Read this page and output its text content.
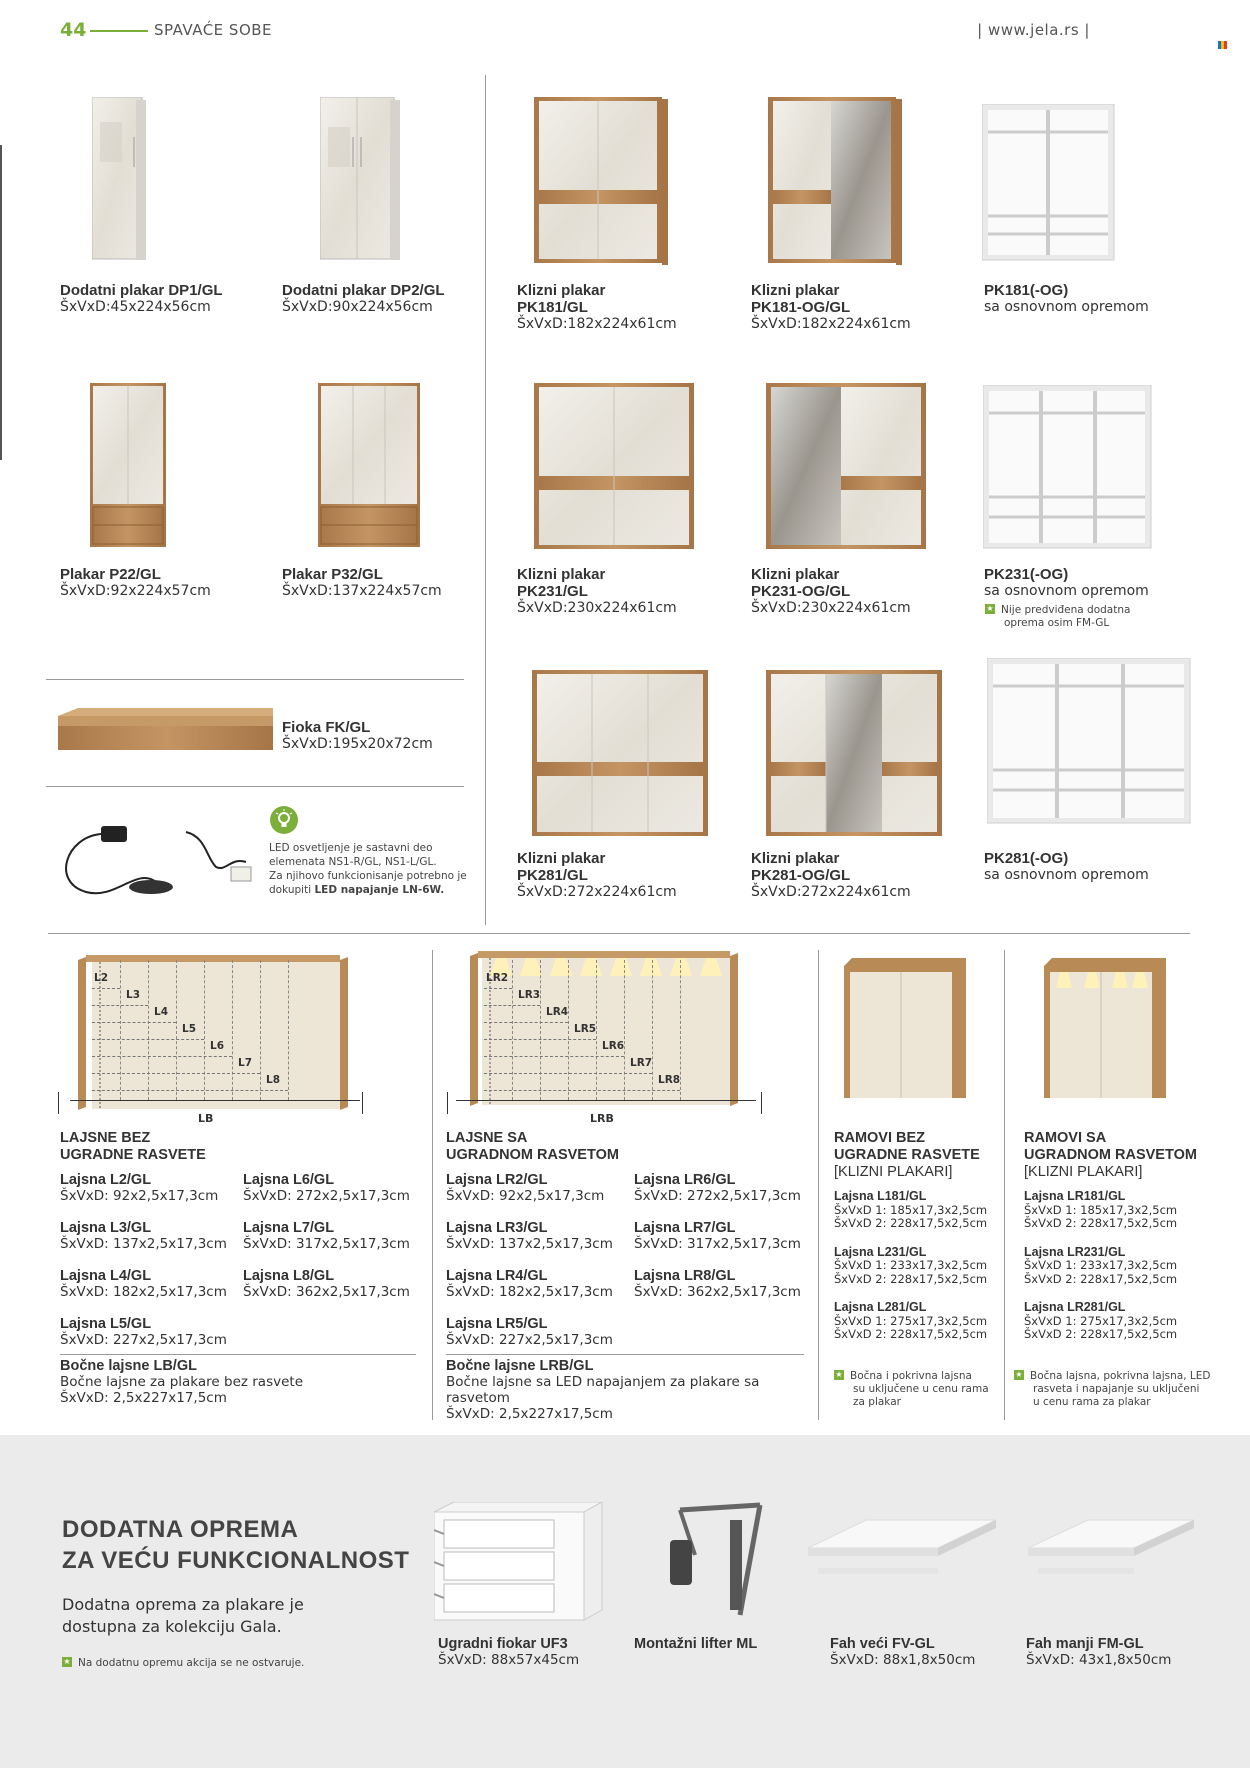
44	SPAVAĆE SOBE	| www.jela.rs |
Dodatni plakar DP1/GL
ŠxVxD:45x224x56cm
Dodatni plakar DP2/GL
ŠxVxD:90x224x56cm
Klizni plakar
PK181/GL
ŠxVxD:182x224x61cm
Klizni plakar
PK181-OG/GL
ŠxVxD:182x224x61cm
PK181(-OG)
sa osnovnom opremom
Plakar P22/GL
ŠxVxD:92x224x57cm
Plakar P32/GL
ŠxVxD:137x224x57cm
Klizni plakar
PK231/GL
ŠxVxD:230x224x61cm
Klizni plakar
PK231-OG/GL
ŠxVxD:230x224x61cm
PK231(-OG)
sa osnovnom opremom
★ Nije predviđena dodatna
oprema osim FM-GL
Fioka FK/GL
ŠxVxD:195x20x72cm
LED osvetljenje je sastavni deo
elemenata NS1-R/GL, NS1-L/GL.
Za njihovo funkcionisanje potrebno je
dokupiti LED napajanje LN-6W.
Klizni plakar
PK281/GL
ŠxVxD:272x224x61cm
Klizni plakar
PK281-OG/GL
ŠxVxD:272x224x61cm
PK281(-OG)
sa osnovnom opremom
LB
L2
L3
L4
L5
L6
L7
L8
LRB
LR2
LR3
LR4
LR5
LR6
LR7
LR8
LAJSNE BEZ
UGRADNE RASVETE
Lajsna L2/GL
ŠxVxD: 92x2,5x17,3cm
Lajsna L3/GL
ŠxVxD: 137x2,5x17,3cm
Lajsna L4/GL
ŠxVxD: 182x2,5x17,3cm
Lajsna L5/GL
ŠxVxD: 227x2,5x17,3cm
Lajsna L6/GL
ŠxVxD: 272x2,5x17,3cm
Lajsna L7/GL
ŠxVxD: 317x2,5x17,3cm
Lajsna L8/GL
ŠxVxD: 362x2,5x17,3cm
Bočne lajsne LB/GL
Bočne lajsne za plakare bez rasvete
ŠxVxD: 2,5x227x17,5cm
LAJSNE SA
UGRADNOM RASVETOM
Lajsna LR2/GL
ŠxVxD: 92x2,5x17,3cm
Lajsna LR3/GL
ŠxVxD: 137x2,5x17,3cm
Lajsna LR4/GL
ŠxVxD: 182x2,5x17,3cm
Lajsna LR5/GL
ŠxVxD: 227x2,5x17,3cm
Lajsna LR6/GL
ŠxVxD: 272x2,5x17,3cm
Lajsna LR7/GL
ŠxVxD: 317x2,5x17,3cm
Lajsna LR8/GL
ŠxVxD: 362x2,5x17,3cm
Bočne lajsne LRB/GL
Bočne lajsne sa LED napajanjem za plakare sa
rasvetom
ŠxVxD: 2,5x227x17,5cm
RAMOVI BEZ
UGRADNE RASVETE
[KLIZNI PLAKARI]
Lajsna L181/GL
ŠxVxD 1: 185x17,3x2,5cm
ŠxVxD 2: 228x17,5x2,5cm
Lajsna L231/GL
ŠxVxD 1: 233x17,3x2,5cm
ŠxVxD 2: 228x17,5x2,5cm
Lajsna L281/GL
ŠxVxD 1: 275x17,3x2,5cm
ŠxVxD 2: 228x17,5x2,5cm
★ Bočna i pokrivna lajsna
su uključene u cenu rama
za plakar
RAMOVI SA
UGRADNOM RASVETOM
[KLIZNI PLAKARI]
Lajsna LR181/GL
ŠxVxD 1: 185x17,3x2,5cm
ŠxVxD 2: 228x17,5x2,5cm
Lajsna LR231/GL
ŠxVxD 1: 233x17,3x2,5cm
ŠxVxD 2: 228x17,5x2,5cm
Lajsna LR281/GL
ŠxVxD 1: 275x17,3x2,5cm
ŠxVxD 2: 228x17,5x2,5cm
★ Bočna lajsna, pokrivna lajsna, LED
rasveta i napajanje su uključeni
u cenu rama za plakar
DODATNA OPREMA
ZA VEĆU FUNKCIONALNOST
Dodatna oprema za plakare je
dostupna za kolekciju Gala.
★ Na dodatnu opremu akcija se ne ostvaruje.
Ugradni fiokar UF3
ŠxVxD: 88x57x45cm
Montažni lifter ML	Fah veći FV-GL
ŠxVxD: 88x1,8x50cm
Fah manji FM-GL
ŠxVxD: 43x1,8x50cm
